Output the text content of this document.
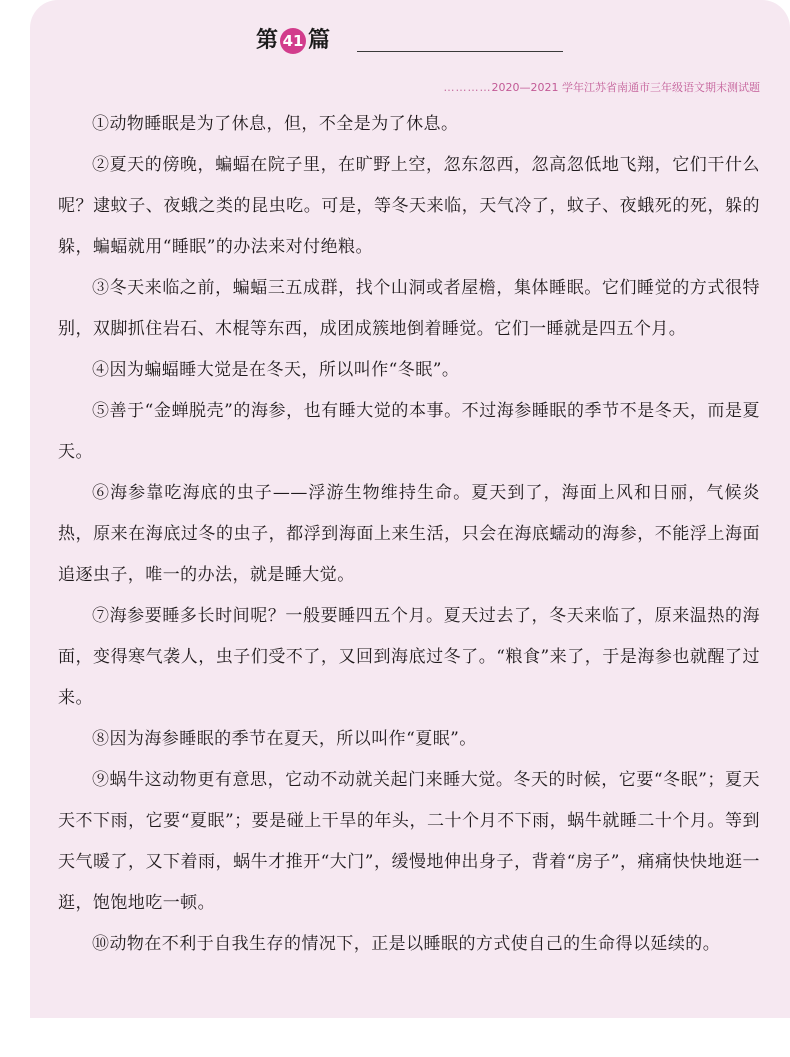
第 41 篇
…………2020—2021 学年江苏省南通市三年级语文期末测试题

①动物睡眠是为了休息，但，不全是为了休息。

②夏天的傍晚，蝙蝠在院子里，在旷野上空，忽东忽西，忽高忽低地飞翔，它们干什么呢？逮蚊子、夜蛾之类的昆虫吃。可是，等冬天来临，天气冷了，蚊子、夜蛾死的死，躲的躲，蝙蝠就用“睡眠”的办法来对付绝粮。

③冬天来临之前，蝙蝠三五成群，找个山洞或者屋檐，集体睡眠。它们睡觉的方式很特别，双脚抓住岩石、木棍等东西，成团成簇地倒着睡觉。它们一睡就是四五个月。

④因为蝙蝠睡大觉是在冬天，所以叫作“冬眠”。

⑤善于“金蝉脱壳”的海参，也有睡大觉的本事。不过海参睡眠的季节不是冬天，而是夏天。

⑥海参靠吃海底的虫子——浮游生物维持生命。夏天到了，海面上风和日丽，气候炎热，原来在海底过冬的虫子，都浮到海面上来生活，只会在海底蠕动的海参，不能浮上海面追逐虫子，唯一的办法，就是睡大觉。

⑦海参要睡多长时间呢？一般要睡四五个月。夏天过去了，冬天来临了，原来温热的海面，变得寒气袭人，虫子们受不了，又回到海底过冬了。“粮食”来了，于是海参也就醒了过来。

⑧因为海参睡眠的季节在夏天，所以叫作“夏眠”。

⑨蜗牛这动物更有意思，它动不动就关起门来睡大觉。冬天的时候，它要“冬眠”；夏天天不下雨，它要“夏眠”；要是碰上干旱的年头，二十个月不下雨，蜗牛就睡二十个月。等到天气暖了，又下着雨，蜗牛才推开“大门”，缓慢地伸出身子，背着“房子”，痛痛快快地逛一逛，饱饱地吃一顿。

⑩动物在不利于自我生存的情况下，正是以睡眠的方式使自己的生命得以延续的。
